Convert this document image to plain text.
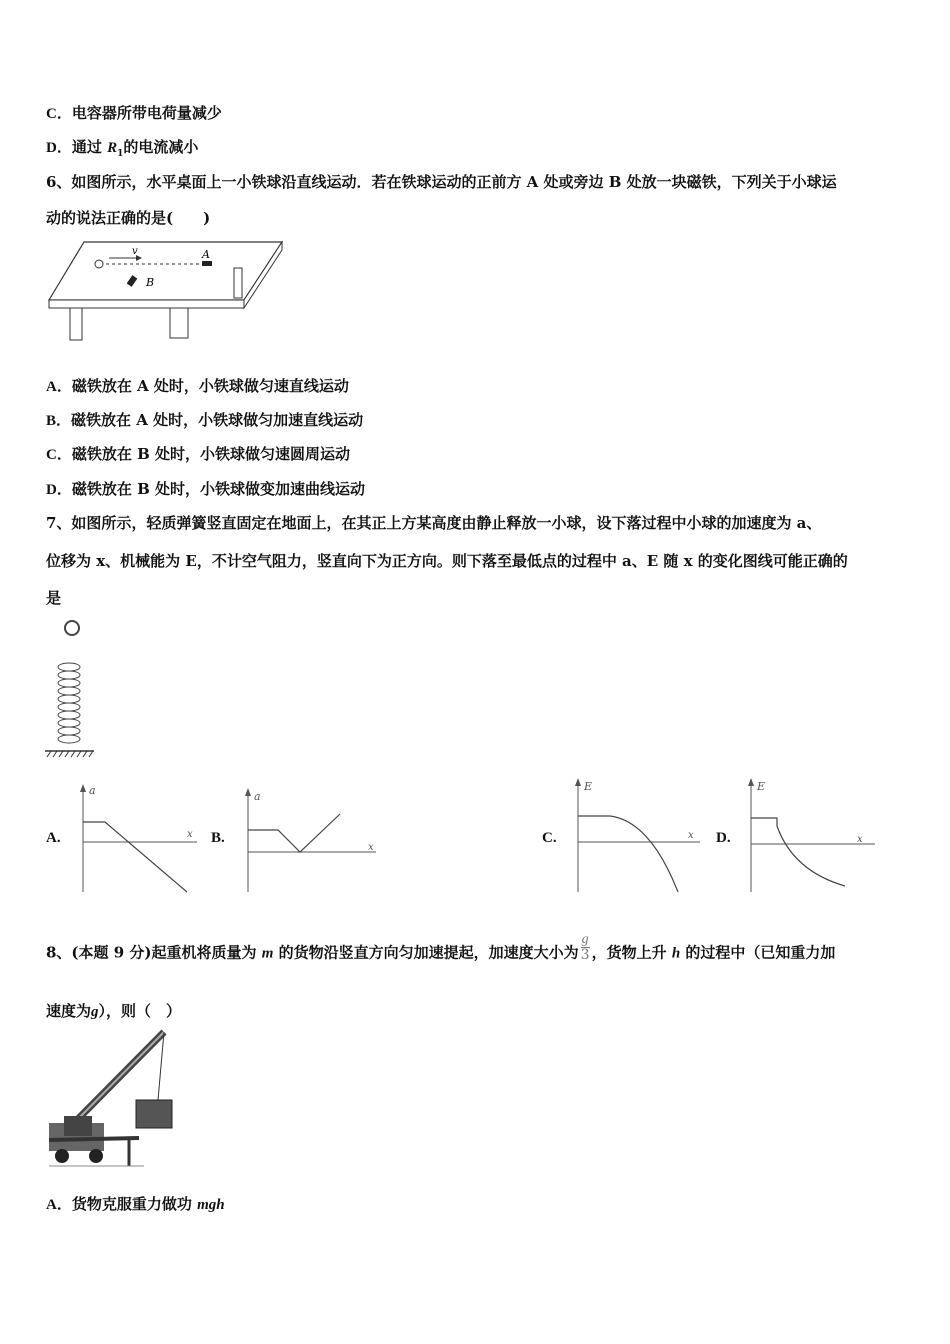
C．电容器所带电荷量减少
D．通过 $R_1$的电流减小
6、如图所示，水平桌面上一小铁球沿直线运动．若在铁球运动的正前方 A 处或旁边 B 处放一块磁铁，下列关于小球运
动的说法正确的是(　　)
v	A
B
A．磁铁放在 A 处时，小铁球做匀速直线运动
B．磁铁放在 A 处时，小铁球做匀加速直线运动
C．磁铁放在 B 处时，小铁球做匀速圆周运动
D．磁铁放在 B 处时，小铁球做变加速曲线运动
7、如图所示，轻质弹簧竖直固定在地面上，在其正上方某高度由静止释放一小球，设下落过程中小球的加速度为 a、
位移为 x、机械能为 E，不计空气阻力，竖直向下为正方向。则下落至最低点的过程中 a、E 随 x 的变化图线可能正确的
是
A.
a
x B.
a
x
C.
E
x D.
E
x
8、(本题 9 分)起重机将质量为 m 的货物沿竖直方向匀加速提起，加速度大小为 $\frac{g}{3}$ ，货物上升 h 的过程中（已知重力加
速度为g），则（　）
A．货物克服重力做功 mgh
